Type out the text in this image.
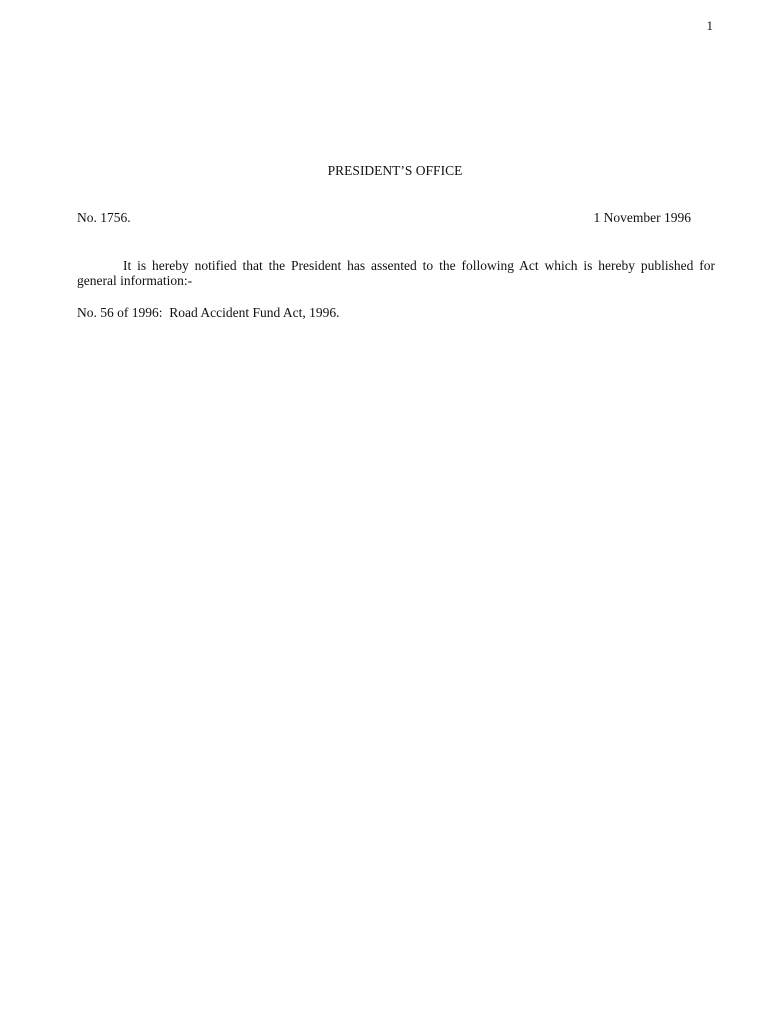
1
PRESIDENT’S OFFICE
No. 1756.	1 November 1996
It is hereby notified that the President has assented to the following Act which is hereby published for general information:-
No. 56 of 1996:  Road Accident Fund Act, 1996.
